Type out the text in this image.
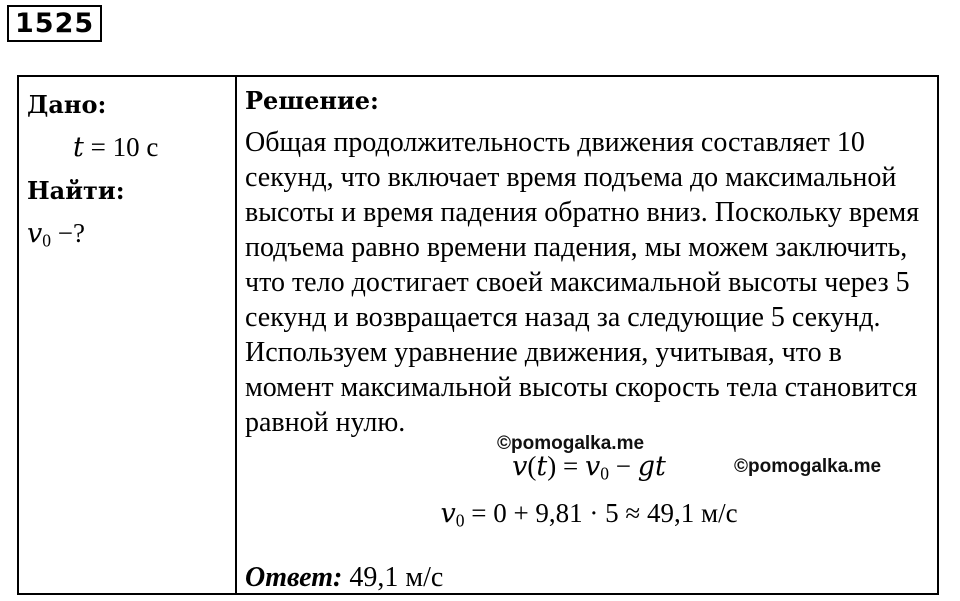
1525
Дано:
t = 10 с
Найти:
$v_0$ −?
Решение:
Общая продолжительность движения составляет 10 секунд, что включает время подъема до максимальной высоты и время падения обратно вниз. Поскольку время подъема равно времени падения, мы можем заключить, что тело достигает своей максимальной высоты через 5 секунд и возвращается назад за следующие 5 секунд. Используем уравнение движения, учитывая, что в момент максимальной высоты скорость тела становится равной нулю.
$v(t) = v_0$ − gt
$v_0 = 0 + 9,81 \cdot 5 \approx 49,1$ м/с
Ответ: 49,1 м/с
©pomogalka.me
©pomogalka.me
